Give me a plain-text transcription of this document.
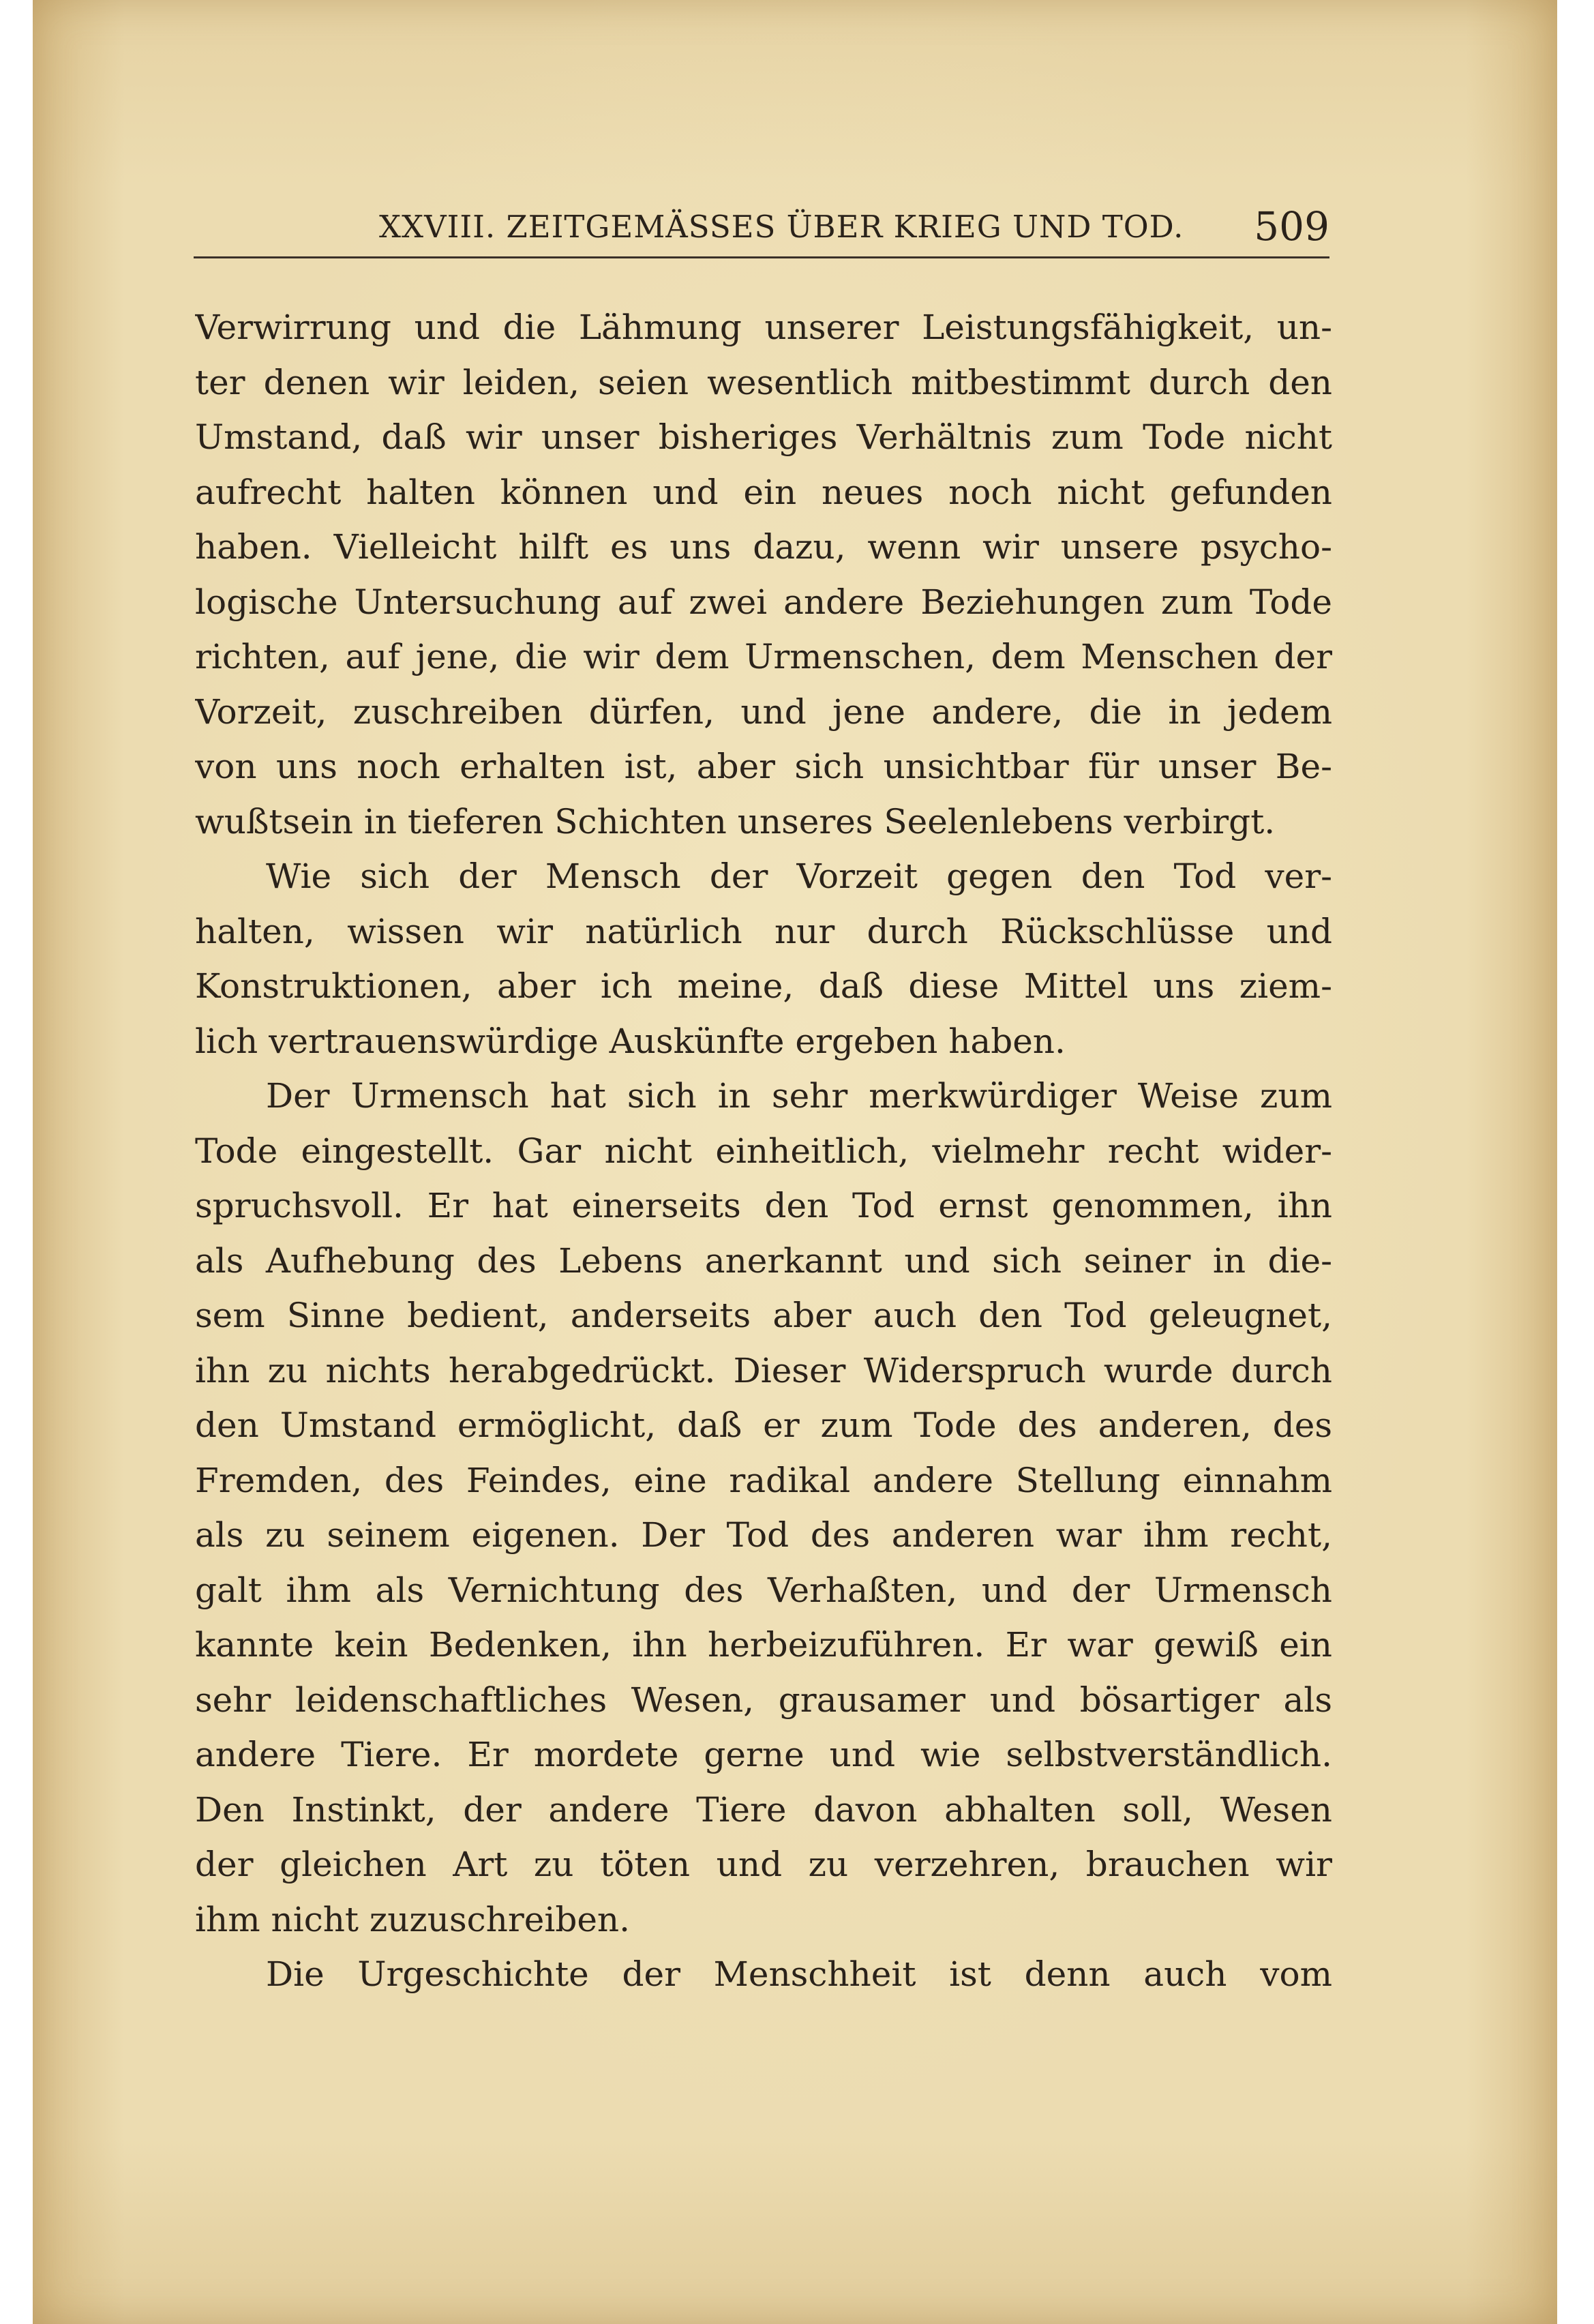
XXVIII. ZEITGEMÄSSES ÜBER KRIEG UND TOD. 509
Verwirrung und die Lähmung unserer Leistungsfähigkeit, un-
ter denen wir leiden, seien wesentlich mitbestimmt durch den
Umstand, daß wir unser bisheriges Verhältnis zum Tode nicht
aufrecht halten können und ein neues noch nicht gefunden
haben. Vielleicht hilft es uns dazu, wenn wir unsere psycho-
logische Untersuchung auf zwei andere Beziehungen zum Tode
richten, auf jene, die wir dem Urmenschen, dem Menschen der
Vorzeit, zuschreiben dürfen, und jene andere, die in jedem
von uns noch erhalten ist, aber sich unsichtbar für unser Be-
wußtsein in tieferen Schichten unseres Seelenlebens verbirgt.
Wie sich der Mensch der Vorzeit gegen den Tod ver-
halten, wissen wir natürlich nur durch Rückschlüsse und
Konstruktionen, aber ich meine, daß diese Mittel uns ziem-
lich vertrauenswürdige Auskünfte ergeben haben.
Der Urmensch hat sich in sehr merkwürdiger Weise zum
Tode eingestellt. Gar nicht einheitlich, vielmehr recht wider-
spruchsvoll. Er hat einerseits den Tod ernst genommen, ihn
als Aufhebung des Lebens anerkannt und sich seiner in die-
sem Sinne bedient, anderseits aber auch den Tod geleugnet,
ihn zu nichts herabgedrückt. Dieser Widerspruch wurde durch
den Umstand ermöglicht, daß er zum Tode des anderen, des
Fremden, des Feindes, eine radikal andere Stellung einnahm
als zu seinem eigenen. Der Tod des anderen war ihm recht,
galt ihm als Vernichtung des Verhaßten, und der Urmensch
kannte kein Bedenken, ihn herbeizuführen. Er war gewiß ein
sehr leidenschaftliches Wesen, grausamer und bösartiger als
andere Tiere. Er mordete gerne und wie selbstverständlich.
Den Instinkt, der andere Tiere davon abhalten soll, Wesen
der gleichen Art zu töten und zu verzehren, brauchen wir
ihm nicht zuzuschreiben.
Die Urgeschichte der Menschheit ist denn auch vom
